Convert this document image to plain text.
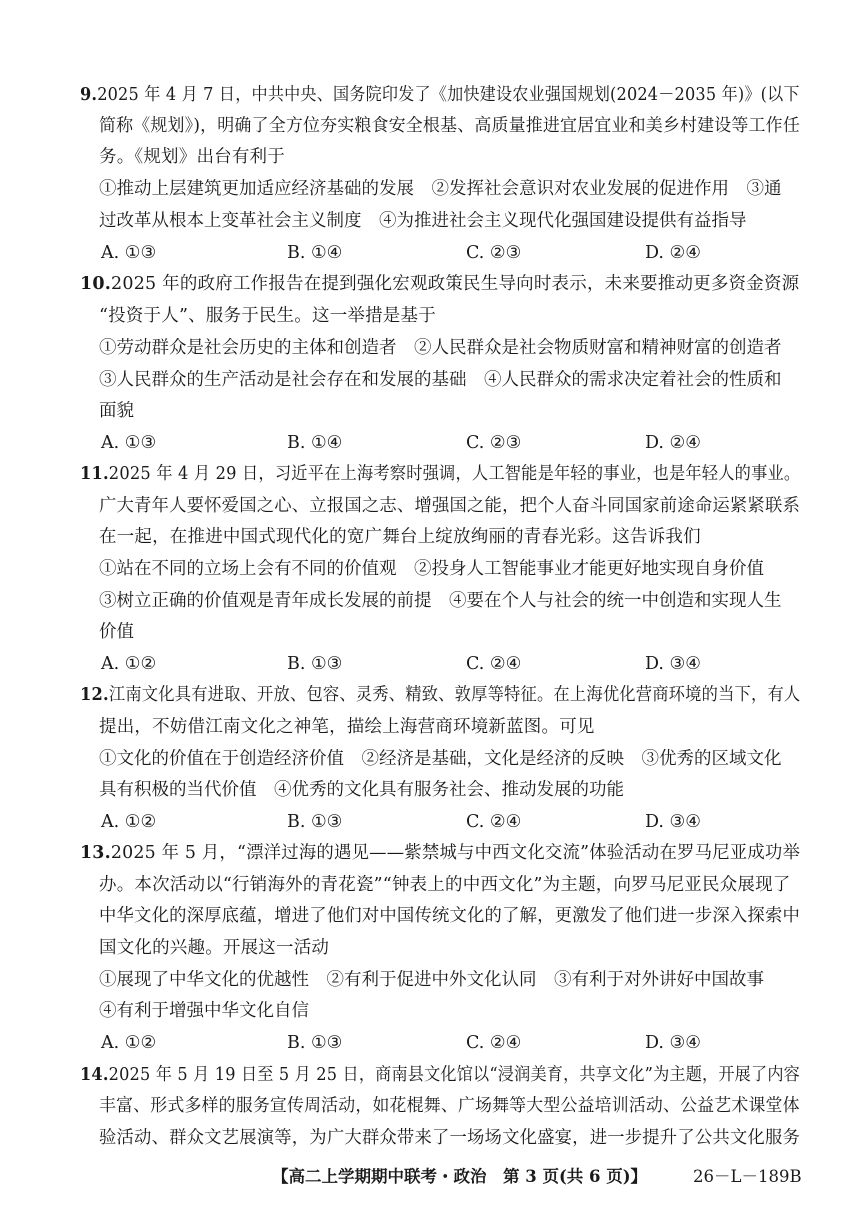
9.2025 年 4 月 7 日，中共中央、国务院印发了《加快建设农业强国规划(2024－2035 年)》(以下
简称《规划》)，明确了全方位夯实粮食安全根基、高质量推进宜居宜业和美乡村建设等工作任
务。《规划》出台有利于
①推动上层建筑更加适应经济基础的发展　②发挥社会意识对农业发展的促进作用　③通
过改革从根本上变革社会主义制度　④为推进社会主义现代化强国建设提供有益指导
A. ①③	B. ①④	C. ②③	D. ②④
10.2025 年的政府工作报告在提到强化宏观政策民生导向时表示，未来要推动更多资金资源
“投资于人”、服务于民生。这一举措是基于
①劳动群众是社会历史的主体和创造者　②人民群众是社会物质财富和精神财富的创造者
③人民群众的生产活动是社会存在和发展的基础　④人民群众的需求决定着社会的性质和
面貌
A. ①③	B. ①④	C. ②③	D. ②④
11.2025 年 4 月 29 日，习近平在上海考察时强调，人工智能是年轻的事业，也是年轻人的事业。
广大青年人要怀爱国之心、立报国之志、增强国之能，把个人奋斗同国家前途命运紧紧联系
在一起，在推进中国式现代化的宽广舞台上绽放绚丽的青春光彩。这告诉我们
①站在不同的立场上会有不同的价值观　②投身人工智能事业才能更好地实现自身价值
③树立正确的价值观是青年成长发展的前提　④要在个人与社会的统一中创造和实现人生
价值
A. ①②	B. ①③	C. ②④	D. ③④
12.江南文化具有进取、开放、包容、灵秀、精致、敦厚等特征。在上海优化营商环境的当下，有人
提出，不妨借江南文化之神笔，描绘上海营商环境新蓝图。可见
①文化的价值在于创造经济价值　②经济是基础，文化是经济的反映　③优秀的区域文化
具有积极的当代价值　④优秀的文化具有服务社会、推动发展的功能
A. ①②	B. ①③	C. ②④	D. ③④
13.2025 年 5 月，“漂洋过海的遇见——紫禁城与中西文化交流”体验活动在罗马尼亚成功举
办。本次活动以“行销海外的青花瓷”“钟表上的中西文化”为主题，向罗马尼亚民众展现了
中华文化的深厚底蕴，增进了他们对中国传统文化的了解，更激发了他们进一步深入探索中
国文化的兴趣。开展这一活动
①展现了中华文化的优越性　②有利于促进中外文化认同　③有利于对外讲好中国故事
④有利于增强中华文化自信
A. ①②	B. ①③	C. ②④	D. ③④
14.2025 年 5 月 19 日至 5 月 25 日，商南县文化馆以“浸润美育，共享文化”为主题，开展了内容
丰富、形式多样的服务宣传周活动，如花棍舞、广场舞等大型公益培训活动、公益艺术课堂体
验活动、群众文艺展演等，为广大群众带来了一场场文化盛宴，进一步提升了公共文化服务
【高二上学期期中联考・政治　第 3 页(共 6 页)】	26－L－189B
